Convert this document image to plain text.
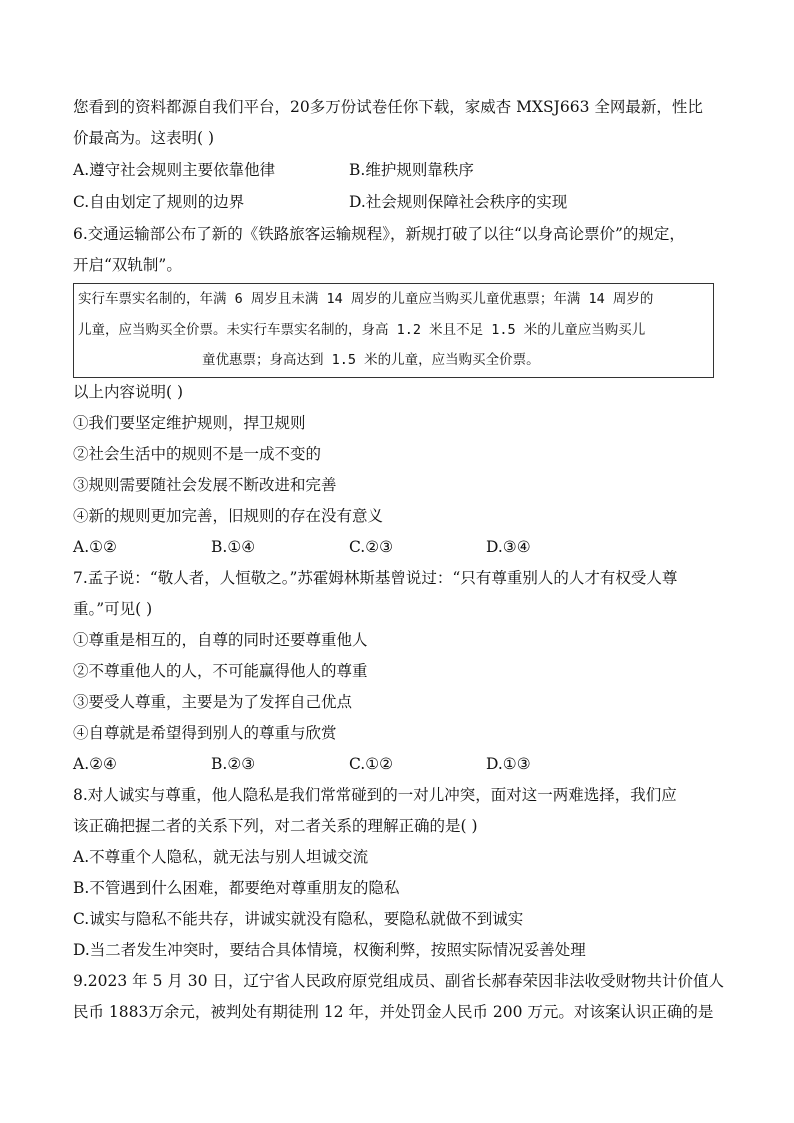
您看到的资料都源自我们平台，20多万份试卷任你下载，家威杏 MXSJ663 全网最新，性比
价最高为。这表明( )
A.遵守社会规则主要依靠他律	B.维护规则靠秩序
C.自由划定了规则的边界	D.社会规则保障社会秩序的实现
6.交通运输部公布了新的《铁路旅客运输规程》，新规打破了以往“以身高论票价”的规定，
开启“双轨制”。
实行车票实名制的，年满 6 周岁且未满 14 周岁的儿童应当购买儿童优惠票；年满 14 周岁的
儿童，应当购买全价票。未实行车票实名制的，身高 1.2 米且不足 1.5 米的儿童应当购买儿
童优惠票；身高达到 1.5 米的儿童，应当购买全价票。
以上内容说明( )
①我们要坚定维护规则，捍卫规则
②社会生活中的规则不是一成不变的
③规则需要随社会发展不断改进和完善
④新的规则更加完善，旧规则的存在没有意义
A.①②	B.①④	C.②③	D.③④
7.孟子说：“敬人者，人恒敬之。”苏霍姆林斯基曾说过：“只有尊重别人的人才有权受人尊
重。”可见( )
①尊重是相互的，自尊的同时还要尊重他人
②不尊重他人的人，不可能赢得他人的尊重
③要受人尊重，主要是为了发挥自己优点
④自尊就是希望得到别人的尊重与欣赏
A.②④	B.②③	C.①②	D.①③
8.对人诚实与尊重，他人隐私是我们常常碰到的一对儿冲突，面对这一两难选择，我们应
该正确把握二者的关系下列，对二者关系的理解正确的是( )
A.不尊重个人隐私，就无法与别人坦诚交流
B.不管遇到什么困难，都要绝对尊重朋友的隐私
C.诚实与隐私不能共存，讲诚实就没有隐私，要隐私就做不到诚实
D.当二者发生冲突时，要结合具体情境，权衡利弊，按照实际情况妥善处理
9.2023 年 5 月 30 日，辽宁省人民政府原党组成员、副省长郝春荣因非法收受财物共计价值人
民币 1883万余元，被判处有期徒刑 12 年，并处罚金人民币 200 万元。对该案认识正确的是
